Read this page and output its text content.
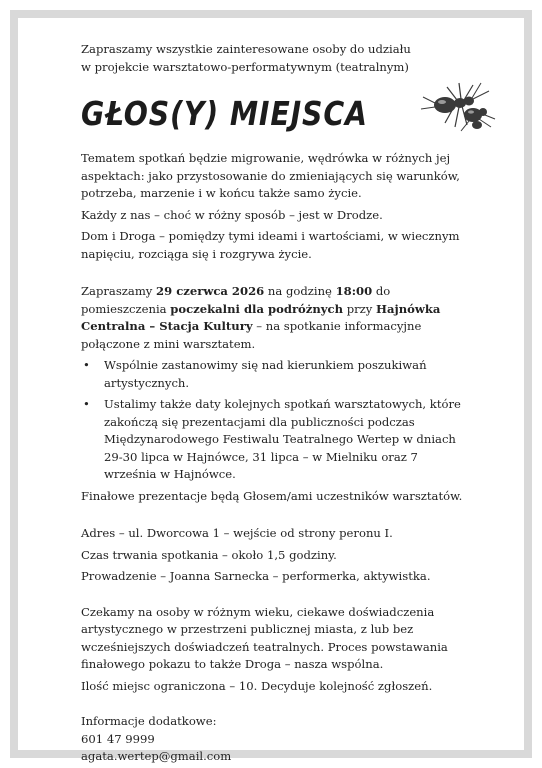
Zapraszamy wszystkie zainteresowane osoby do udziału
w projekcie warsztatowo-performatywnym (teatralnym)

GŁOS(Y) MIEJSCA

Tematem spotkań będzie migrowanie, wędrówka w różnych jej aspektach: jako przystosowanie do zmieniających się warunków, potrzeba, marzenie i w końcu także samo życie.

Każdy z nas – choć w różny sposób – jest w Drodze.

Dom i Droga – pomiędzy tymi ideami i wartościami, w wiecznym napięciu, rozciąga się i rozgrywa życie.

Zapraszamy 29 czerwca 2026 na godzinę 18:00 do pomieszczenia poczekalni dla podróżnych przy Hajnówka Centralna – Stacja Kultury – na spotkanie informacyjne połączone z mini warsztatem.

• Wspólnie zastanowimy się nad kierunkiem poszukiwań artystycznych.
• Ustalimy także daty kolejnych spotkań warsztatowych, które zakończą się prezentacjami dla publiczności podczas Międzynarodowego Festiwalu Teatralnego Wertep w dniach 29-30 lipca w Hajnówce, 31 lipca – w Mielniku oraz 7 września w Hajnówce.

Finałowe prezentacje będą Głosem/ami uczestników warsztatów.

Adres – ul. Dworcowa 1 – wejście od strony peronu I.

Czas trwania spotkania – około 1,5 godziny.

Prowadzenie – Joanna Sarnecka – performerka, aktywistka.

Czekamy na osoby w różnym wieku, ciekawe doświadczenia artystycznego w przestrzeni publicznej miasta, z lub bez wcześniejszych doświadczeń teatralnych. Proces powstawania finałowego pokazu to także Droga – nasza wspólna.

Ilość miejsc ograniczona – 10. Decyduje kolejność zgłoszeń.

Informacje dodatkowe:

601 47 9999

agata.wertep@gmail.com
